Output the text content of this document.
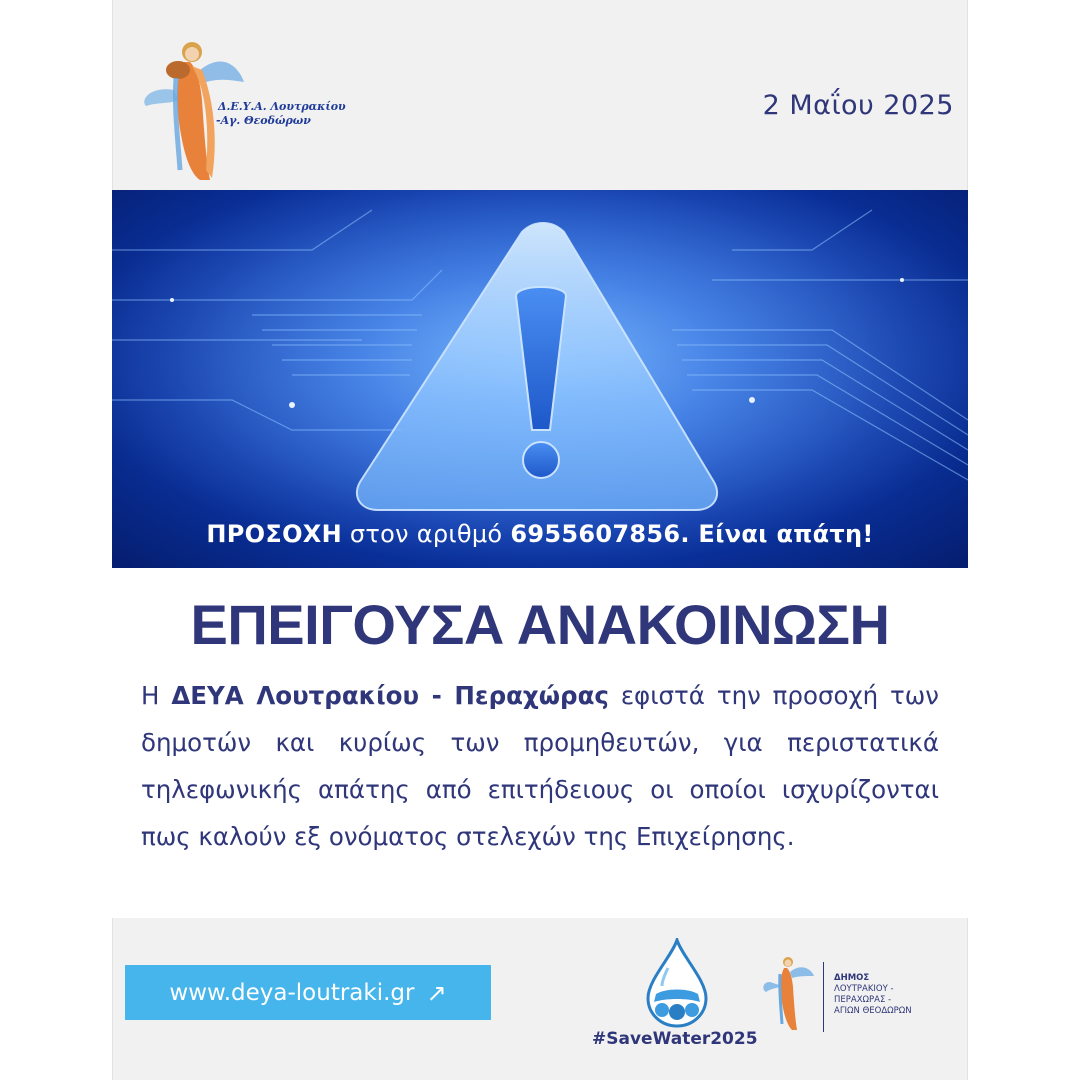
Δ.Ε.Υ.Α. Λουτρακίου
-Αγ. Θεοδώρων	2 Μαΐου 2025
ΠΡΟΣΟΧΗ στον αριθμό 6955607856. Είναι απάτη!
ΕΠΕΙΓΟΥΣΑ ΑΝΑΚΟΙΝΩΣΗ
Η ΔΕΥΑ Λουτρακίου - Περαχώρας εφιστά την προσοχή των δημοτών και κυρίως των προμηθευτών, για περιστατικά τηλεφωνικής απάτης από επιτήδειους οι οποίοι ισχυρίζονται πως καλούν εξ ονόματος στελεχών της Επιχείρησης.
www.deya-loutraki.gr ↗
#SaveWater2025
ΔΗΜΟΣ
ΛΟΥΤΡΑΚΙΟΥ -
ΠΕΡΑΧΩΡΑΣ -
ΑΓΙΩΝ ΘΕΟΔΩΡΩΝ
